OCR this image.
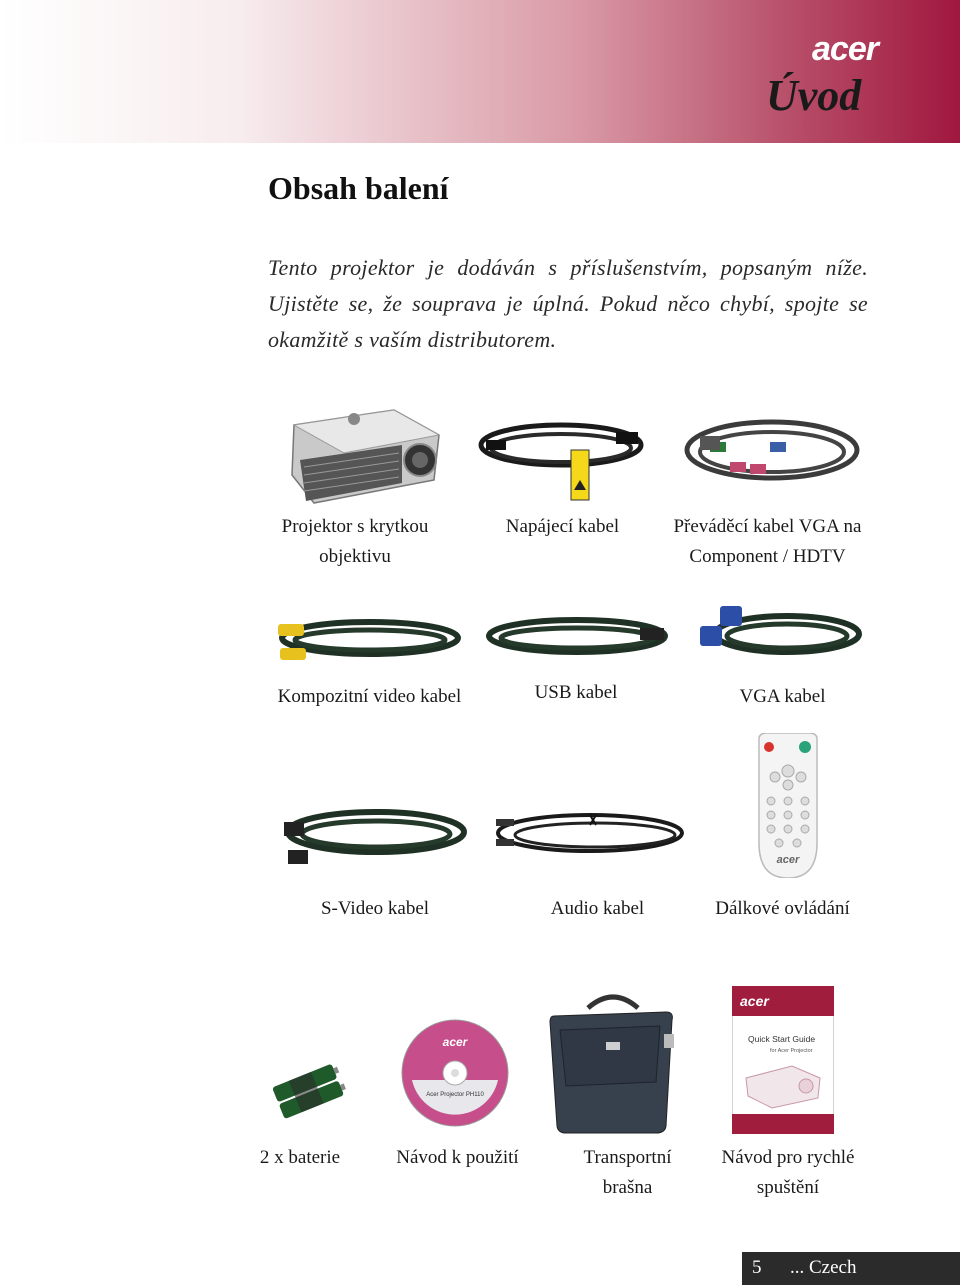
acer
Úvod
Obsah balení
Tento projektor je dodáván s příslušenstvím, popsaným níže. Ujistěte se, že souprava je úplná. Pokud něco chybí, spojte se okamžitě s vaším distributorem.
Projektor s krytkou
objektivu
Napájecí kabel	Převáděcí kabel VGA na
Component / HDTV
Kompozitní video kabel	USB kabel	VGA kabel
S-Video kabel	Audio kabel
acer
Dálkové ovládání
2 x baterie
acer
Acer Projector PH110
Návod k použití	Transportní
brašna
acer
Quick Start Guide
for Acer Projector
Návod pro rychlé
spuštění
5 ... Czech
